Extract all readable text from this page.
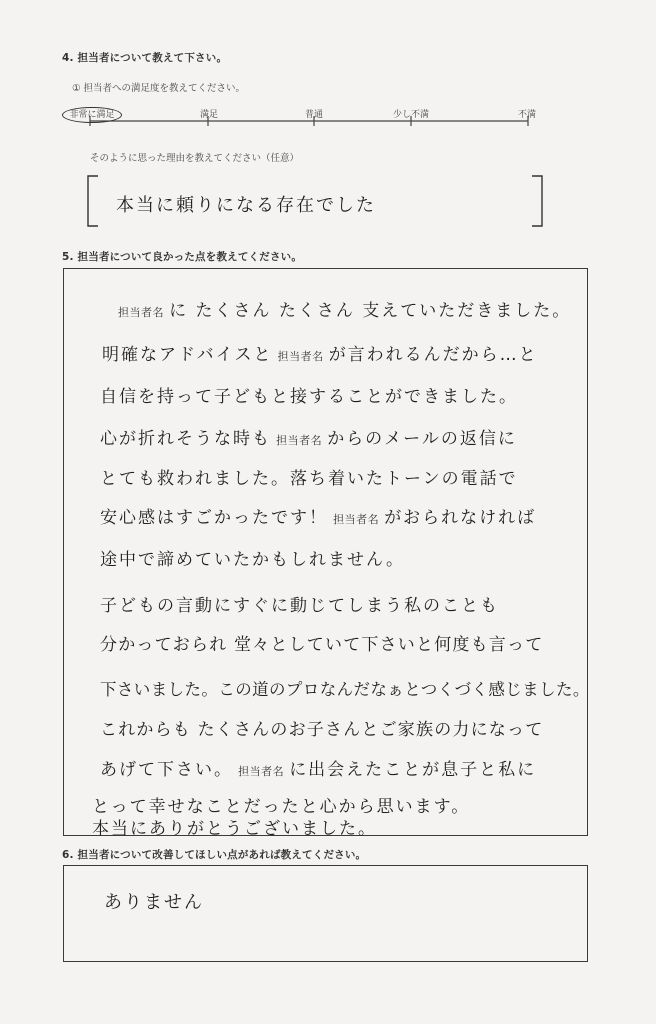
4. 担当者について教えて下さい。
① 担当者への満足度を教えてください。
非常に満足	満足	普通	少し不満	不満
そのように思った理由を教えてください（任意）
本当に頼りになる存在でした
5. 担当者について良かった点を教えてください。
担当者名 に たくさん たくさん 支えていただきました。
明確なアドバイスと 担当者名 が言われるんだから…と
自信を持って子どもと接することができました。
心が折れそうな時も 担当者名 からのメールの返信に
とても救われました。落ち着いたトーンの電話で
安心感はすごかったです！ 担当者名 がおられなければ
途中で諦めていたかもしれません。
子どもの言動にすぐに動じてしまう私のことも
分かっておられ 堂々としていて下さいと何度も言って
下さいました。この道のプロなんだなぁとつくづく感じました。
これからも たくさんのお子さんとご家族の力になって
あげて下さい。 担当者名 に出会えたことが息子と私に
とって幸せなことだったと心から思います。
本当にありがとうございました。
6. 担当者について改善してほしい点があれば教えてください。
ありません
